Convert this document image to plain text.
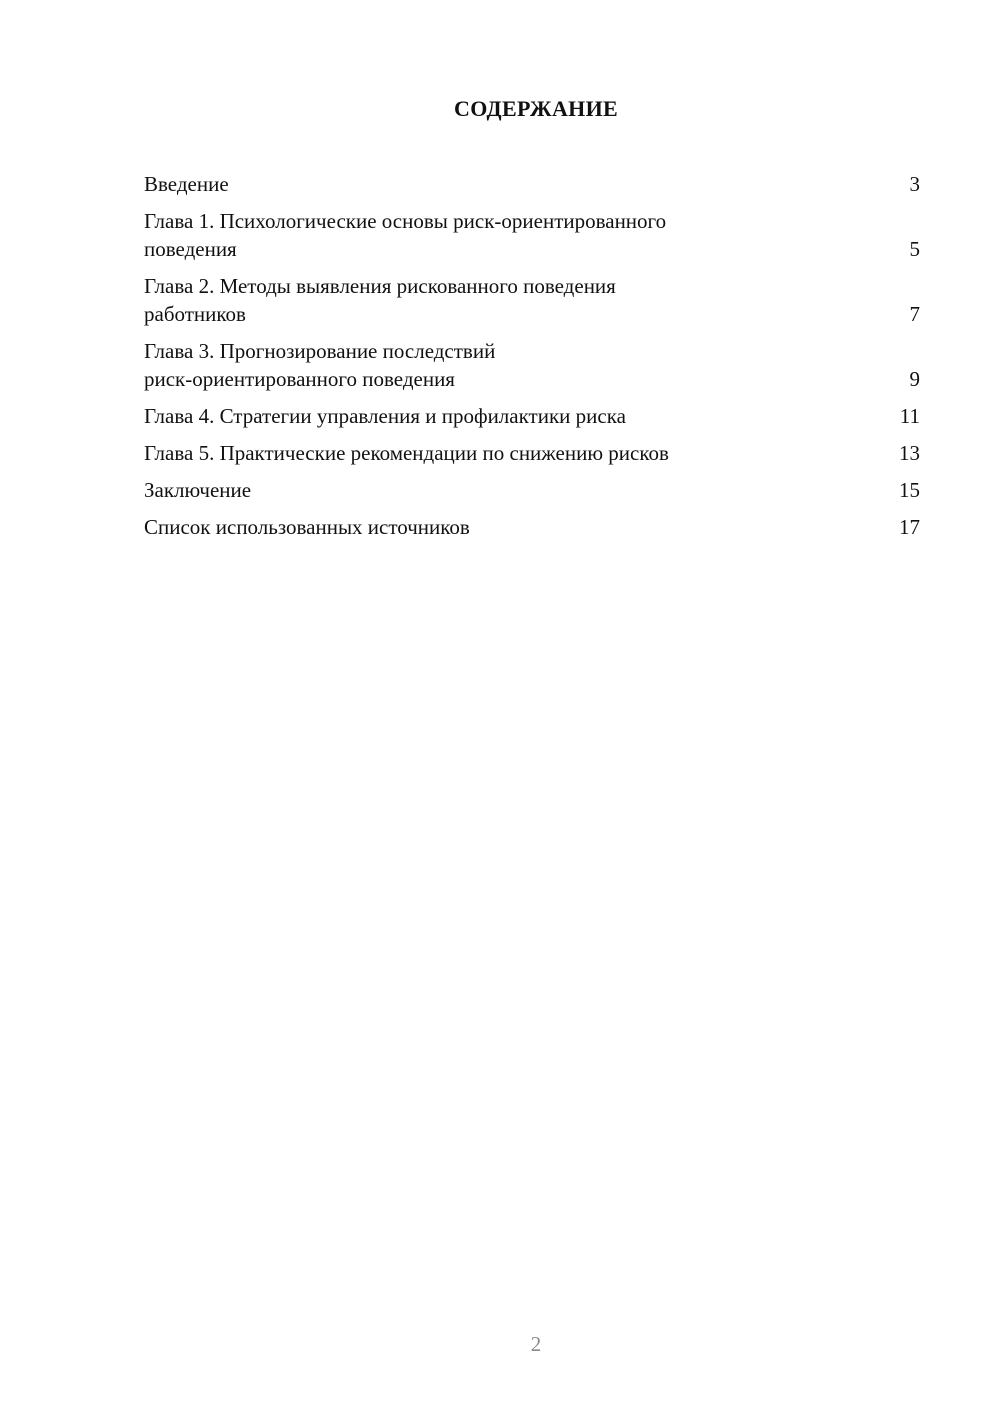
СОДЕРЖАНИЕ
Введение	3
Глава 1. Психологические основы риск-ориентированного
поведения	5
Глава 2. Методы выявления рискованного поведения
работников	7
Глава 3. Прогнозирование последствий
риск-ориентированного поведения	9
Глава 4. Стратегии управления и профилактики риска	11
Глава 5. Практические рекомендации по снижению рисков	13
Заключение	15
Список использованных источников	17
2
